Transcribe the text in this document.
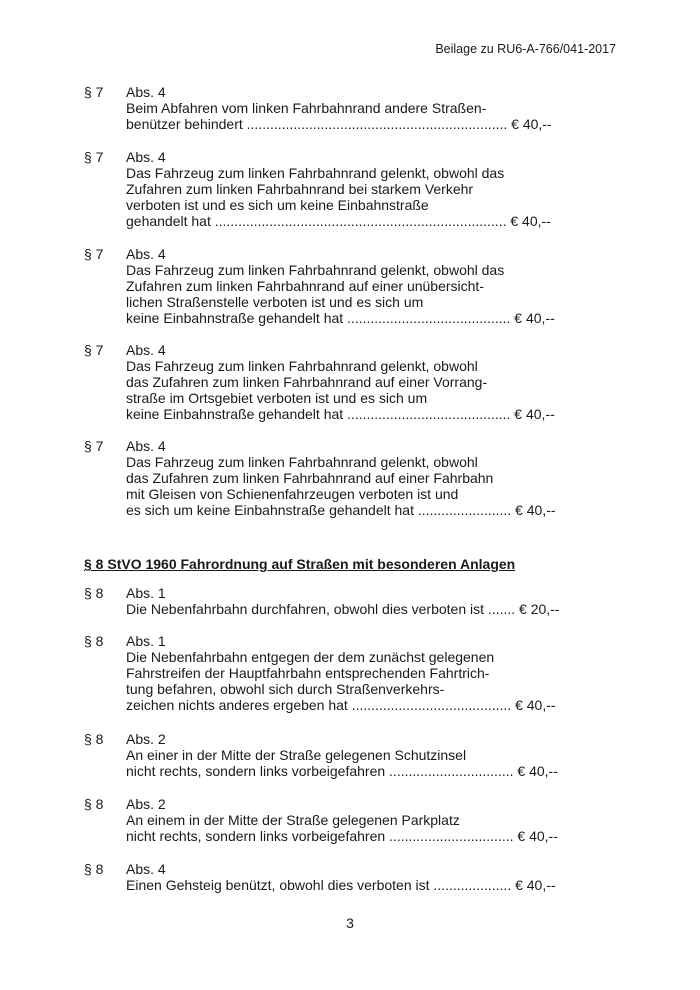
Beilage zu RU6-A-766/041-2017
§ 7	Abs. 4
Beim Abfahren vom linken Fahrbahnrand andere Straßen-
benützer behindert ................................................................... € 40,--
§ 7	Abs. 4
Das Fahrzeug zum linken Fahrbahnrand gelenkt, obwohl das
Zufahren zum linken Fahrbahnrand bei starkem Verkehr
verboten ist und es sich um keine Einbahnstraße
gehandelt hat ........................................................................... € 40,--
§ 7	Abs. 4
Das Fahrzeug zum linken Fahrbahnrand gelenkt, obwohl das
Zufahren zum linken Fahrbahnrand auf einer unübersicht-
lichen Straßenstelle verboten ist und es sich um
keine Einbahnstraße gehandelt hat .......................................... € 40,--
§ 7	Abs. 4
Das Fahrzeug zum linken Fahrbahnrand gelenkt, obwohl
das Zufahren zum linken Fahrbahnrand auf einer Vorrang-
straße im Ortsgebiet verboten ist und es sich um
keine Einbahnstraße gehandelt hat .......................................... € 40,--
§ 7	Abs. 4
Das Fahrzeug zum linken Fahrbahnrand gelenkt, obwohl
das Zufahren zum linken Fahrbahnrand auf einer Fahrbahn
mit Gleisen von Schienenfahrzeugen verboten ist und
es sich um keine Einbahnstraße gehandelt hat ........................ € 40,--
§ 8 StVO 1960 Fahrordnung auf Straßen mit besonderen Anlagen
§ 8	Abs. 1
Die Nebenfahrbahn durchfahren, obwohl dies verboten ist ....... € 20,--
§ 8	Abs. 1
Die Nebenfahrbahn entgegen der dem zunächst gelegenen
Fahrstreifen der Hauptfahrbahn entsprechenden Fahrtrich-
tung befahren, obwohl sich durch Straßenverkehrs-
zeichen nichts anderes ergeben hat ......................................... € 40,--
§ 8	Abs. 2
An einer in der Mitte der Straße gelegenen Schutzinsel
nicht rechts, sondern links vorbeigefahren ................................ € 40,--
§ 8	Abs. 2
An einem in der Mitte der Straße gelegenen Parkplatz
nicht rechts, sondern links vorbeigefahren ................................ € 40,--
§ 8	Abs. 4
Einen Gehsteig benützt, obwohl dies verboten ist .................... € 40,--
3
